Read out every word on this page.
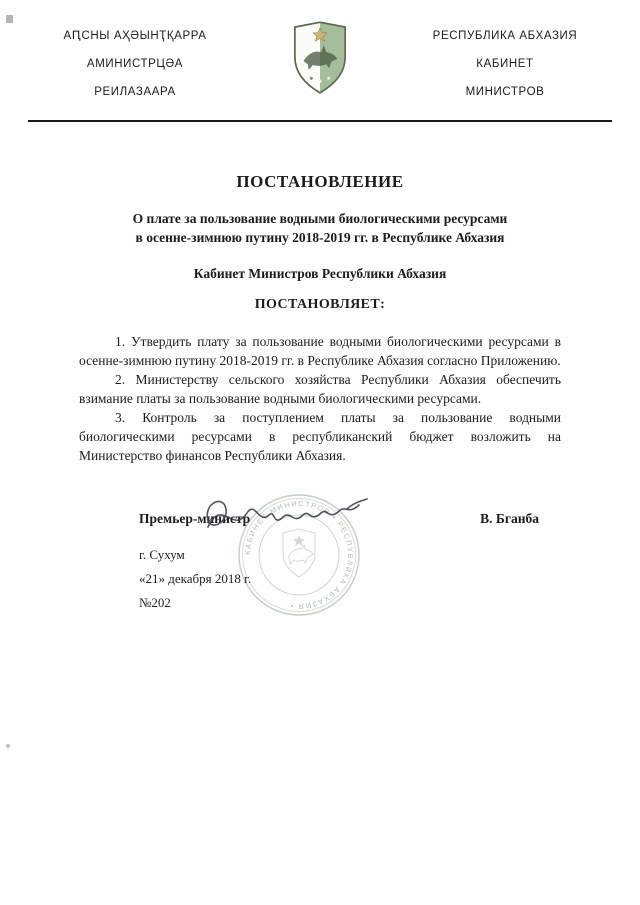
АԤСНЫ АҲӘЫНҬҚАРРА
АМИНИСТРЦӘА
РЕИЛАЗААРА
РЕСПУБЛИКА АБХАЗИЯ
КАБИНЕТ
МИНИСТРОВ
ПОСТАНОВЛЕНИЕ
О плате за пользование водными биологическими ресурсами
в осенне-зимнюю путину 2018-2019 гг. в Республике Абхазия
Кабинет Министров Республики Абхазия
ПОСТАНОВЛЯЕТ:

1. Утвердить плату за пользование водными биологическими ресурсами в осенне-зимнюю путину 2018-2019 гг. в Республике Абхазия согласно Приложению.

2. Министерству сельского хозяйства Республики Абхазия обеспечить взимание платы за пользование водными биологическими ресурсами.

3. Контроль за поступлением платы за пользование водными биологическими ресурсами в республиканский бюджет возложить на Министерство финансов Республики Абхазия.

Премьер-министр	В. Бганба
г. Сухум
«21» декабря 2018 г.
№202
КАБИНЕТ МИНИСТРОВ • РЕСПУБЛИКА АБХАЗИЯ •
